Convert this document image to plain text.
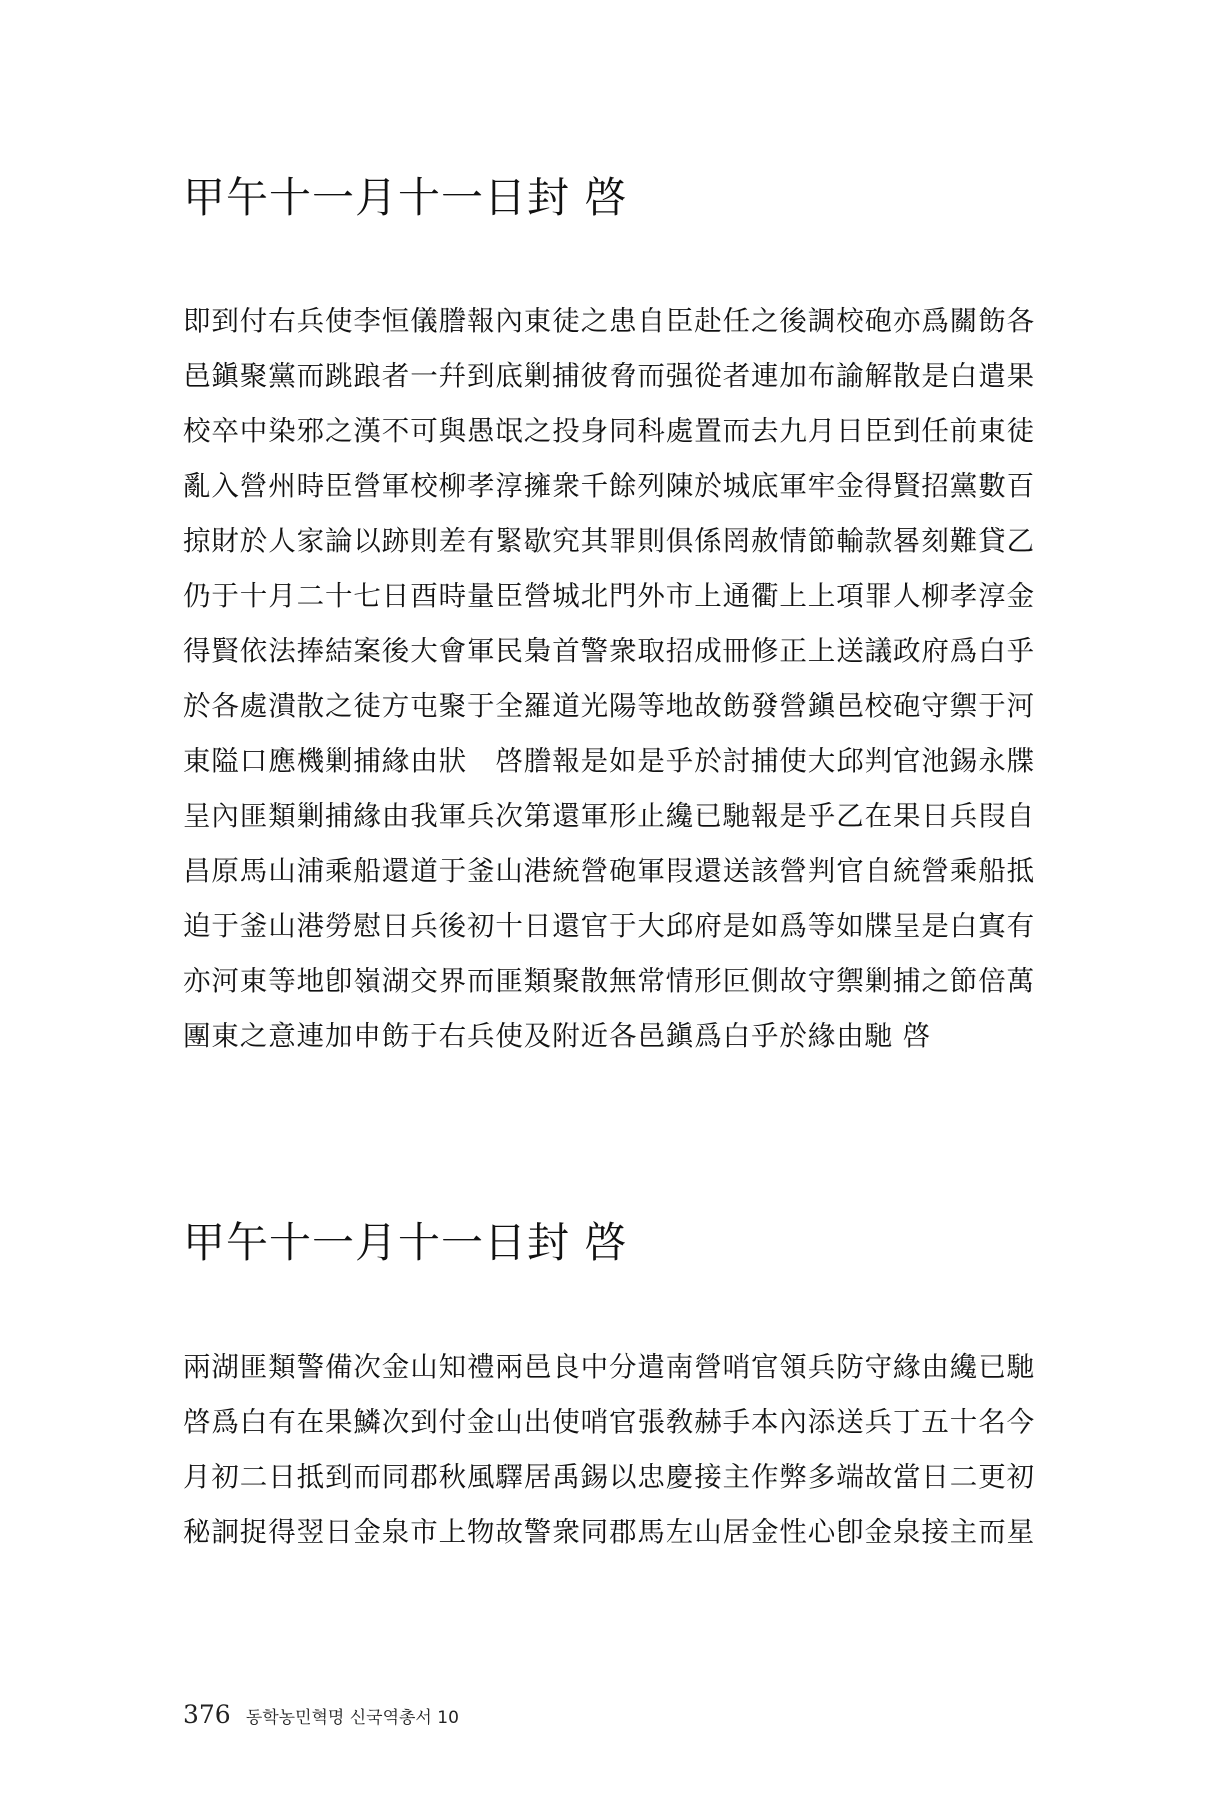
甲午十一月十一日封 啓
即到付右兵使李恒儀謄報內東徒之患自臣赴任之後調校砲亦爲關飭各
邑鎭聚黨而跳踉者一幷到底剿捕彼脅而强從者連加布諭解散是白遣果
校卒中染邪之漢不可與愚氓之投身同科處置而去九月日臣到任前東徒
亂入營州時臣營軍校柳孝淳擁衆千餘列陳於城底軍牢金得賢招黨數百
掠財於人家論以跡則差有緊歇究其罪則俱係罔赦情節輸款晷刻難貸乙
仍于十月二十七日酉時量臣營城北門外市上通衢上上項罪人柳孝淳金
得賢依法捧結案後大會軍民梟首警衆取招成冊修正上送議政府爲白乎
於各處潰散之徒方屯聚于全羅道光陽等地故飭發營鎭邑校砲守禦于河
東隘口應機剿捕緣由狀　啓謄報是如是乎於討捕使大邱判官池錫永牒
呈內匪類剿捕緣由我軍兵次第還軍形止纔已馳報是乎乙在果日兵叚自
昌原馬山浦乘船還道于釜山港統營砲軍叚還送該營判官自統營乘船抵
迫于釜山港勞慰日兵後初十日還官于大邱府是如爲等如牒呈是白寘有
亦河東等地卽嶺湖交界而匪類聚散無常情形叵側故守禦剿捕之節倍萬
團東之意連加申飭于右兵使及附近各邑鎭爲白乎於緣由馳 啓
甲午十一月十一日封 啓
兩湖匪類警備次金山知禮兩邑良中分遣南營哨官領兵防守緣由纔已馳
啓爲白有在果鱗次到付金山出使哨官張敎赫手本內添送兵丁五十名今
月初二日抵到而同郡秋風驛居禹錫以忠慶接主作弊多端故當日二更初
秘詗捉得翌日金泉市上物故警衆同郡馬左山居金性心卽金泉接主而星
376 동학농민혁명 신국역총서 10
